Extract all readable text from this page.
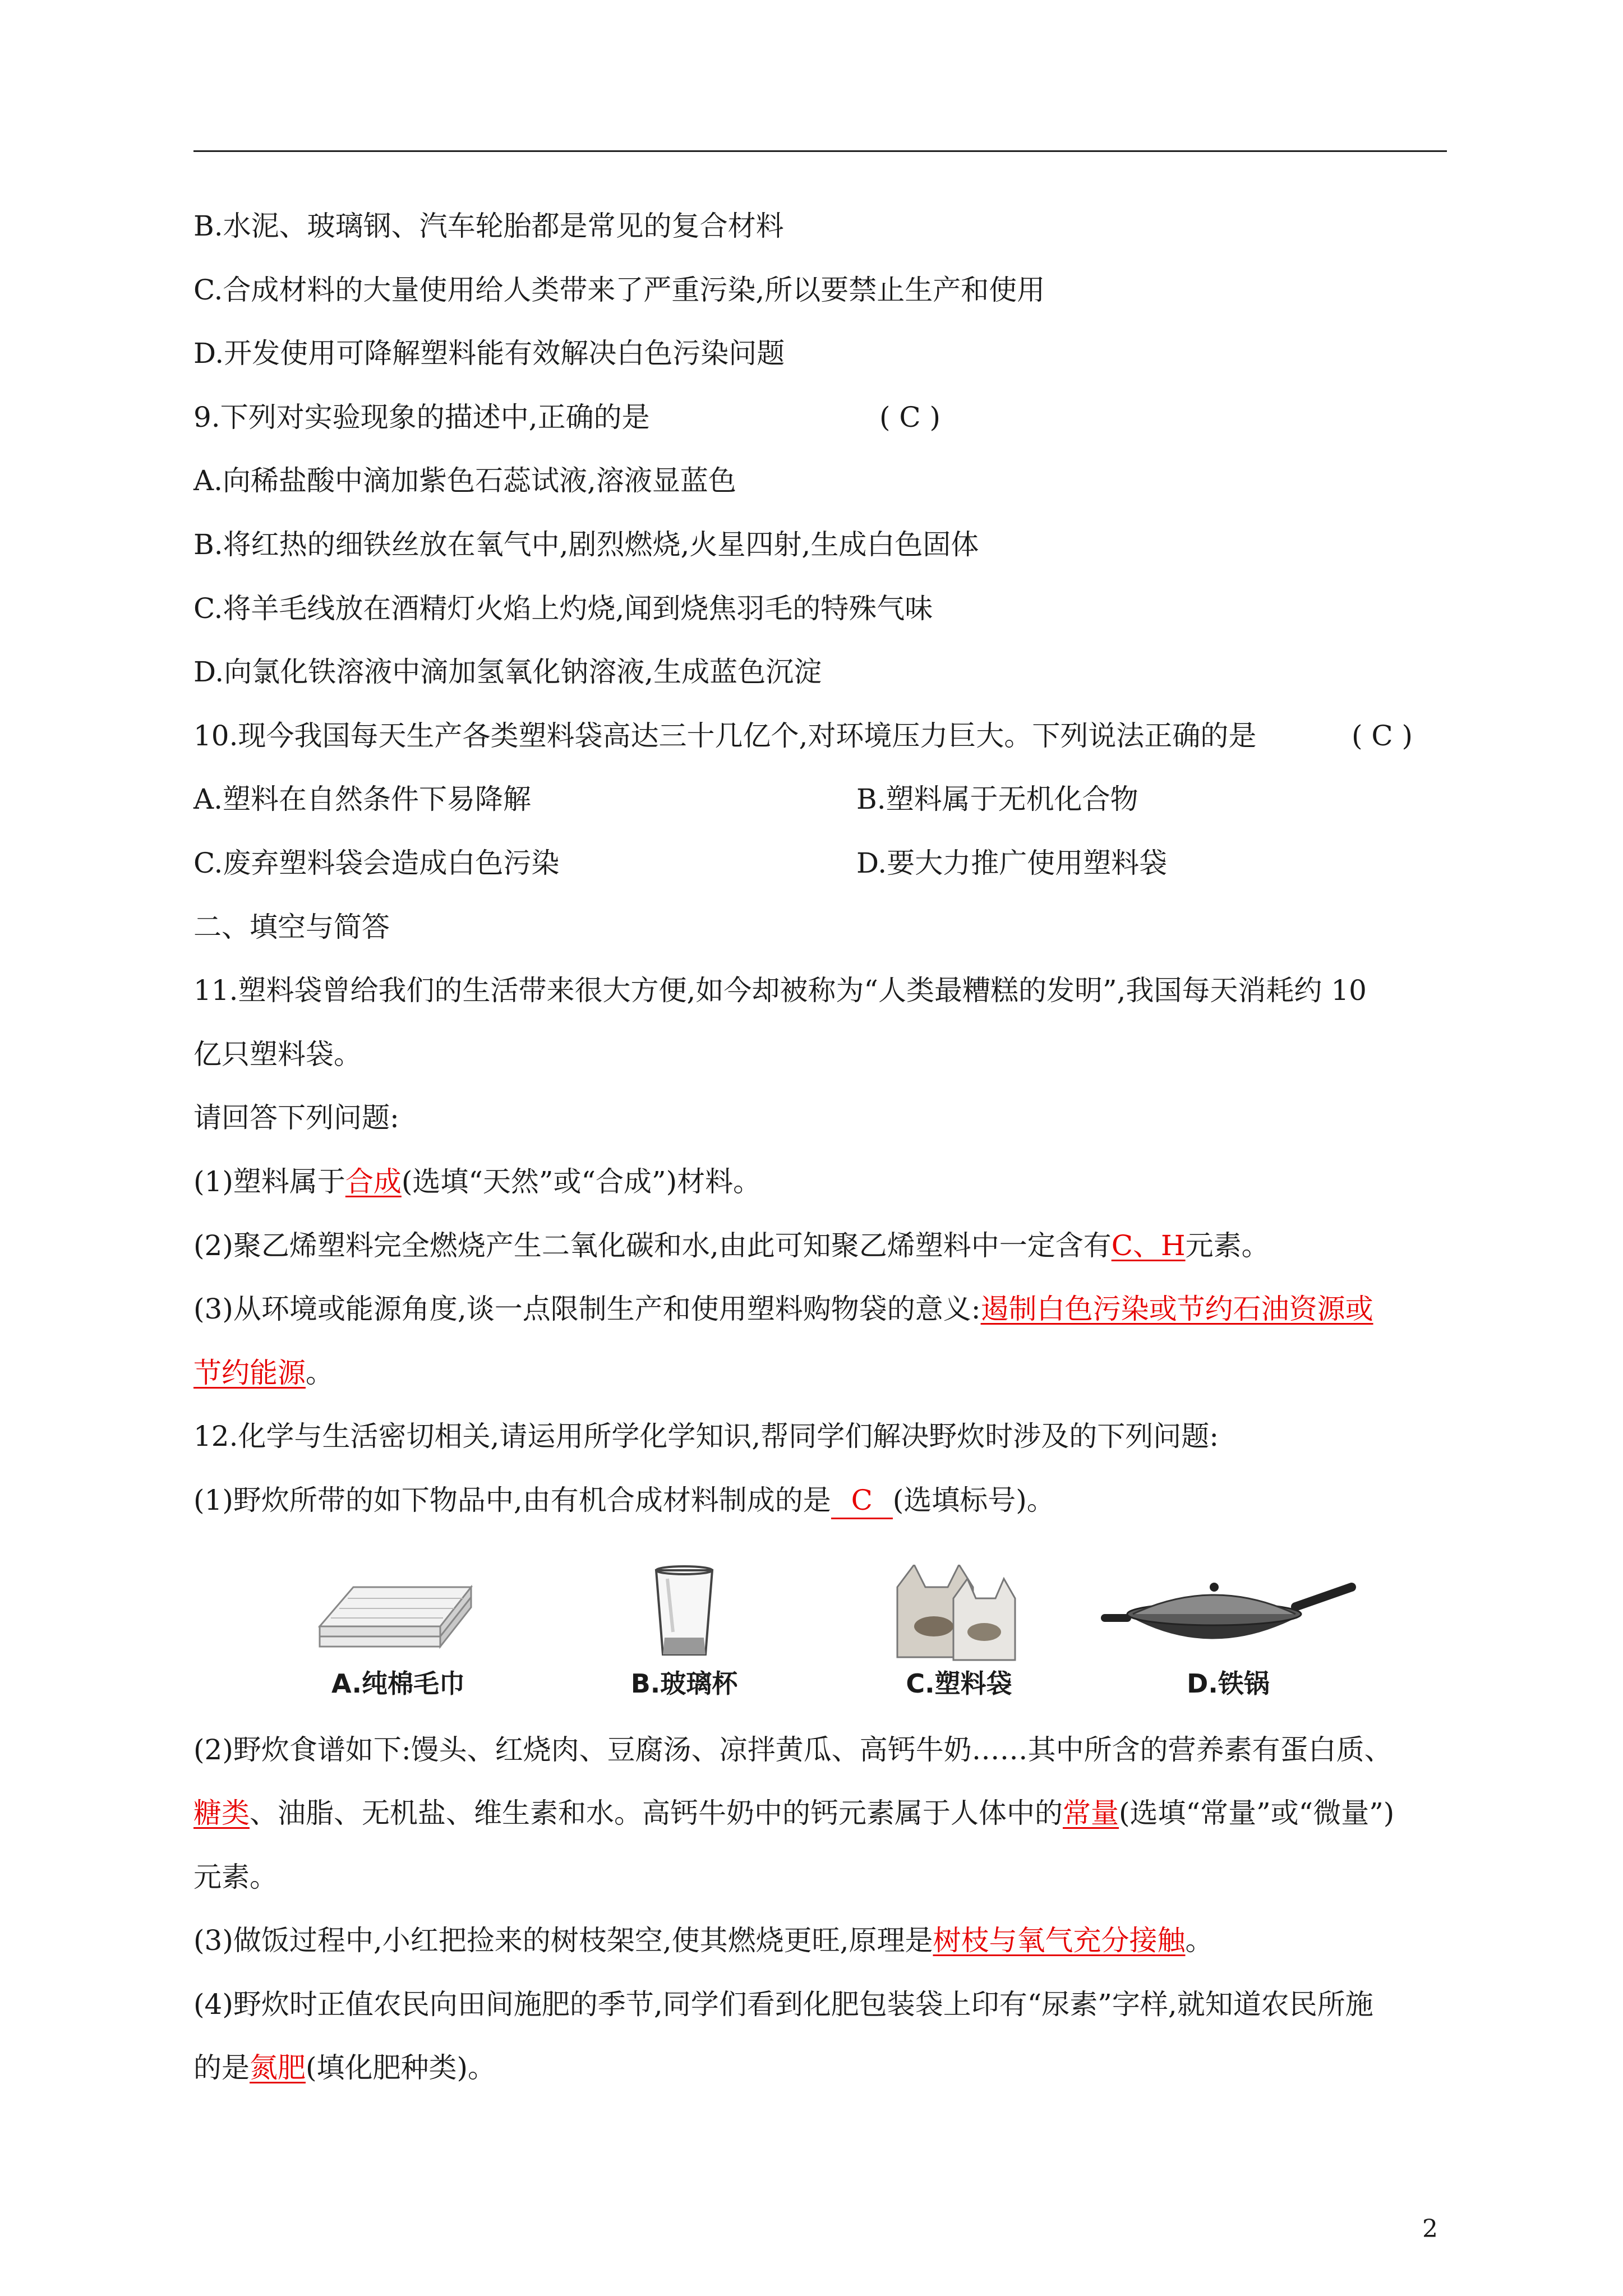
B.水泥、玻璃钢、汽车轮胎都是常见的复合材料
C.合成材料的大量使用给人类带来了严重污染,所以要禁止生产和使用
D.开发使用可降解塑料能有效解决白色污染问题
9.下列对实验现象的描述中,正确的是	( C )
A.向稀盐酸中滴加紫色石蕊试液,溶液显蓝色
B.将红热的细铁丝放在氧气中,剧烈燃烧,火星四射,生成白色固体
C.将羊毛线放在酒精灯火焰上灼烧,闻到烧焦羽毛的特殊气味
D.向氯化铁溶液中滴加氢氧化钠溶液,生成蓝色沉淀
10.现今我国每天生产各类塑料袋高达三十几亿个,对环境压力巨大。下列说法正确的是	( C )
A.塑料在自然条件下易降解	B.塑料属于无机化合物
C.废弃塑料袋会造成白色污染	D.要大力推广使用塑料袋
二、填空与简答
11.塑料袋曾给我们的生活带来很大方便,如今却被称为“人类最糟糕的发明”,我国每天消耗约 10
亿只塑料袋。
请回答下列问题:
(1)塑料属于合成(选填“天然”或“合成”)材料。
(2)聚乙烯塑料完全燃烧产生二氧化碳和水,由此可知聚乙烯塑料中一定含有C、H元素。
(3)从环境或能源角度,谈一点限制生产和使用塑料购物袋的意义:遏制白色污染或节约石油资源或
节约能源。
12.化学与生活密切相关,请运用所学化学知识,帮同学们解决野炊时涉及的下列问题:
(1)野炊所带的如下物品中,由有机合成材料制成的是 C (选填标号)。
A.纯棉毛巾	B.玻璃杯	C.塑料袋	D.铁锅
(2)野炊食谱如下:馒头、红烧肉、豆腐汤、凉拌黄瓜、高钙牛奶……其中所含的营养素有蛋白质、
糖类、油脂、无机盐、维生素和水。高钙牛奶中的钙元素属于人体中的常量(选填“常量”或“微量”)
元素。
(3)做饭过程中,小红把捡来的树枝架空,使其燃烧更旺,原理是树枝与氧气充分接触。
(4)野炊时正值农民向田间施肥的季节,同学们看到化肥包装袋上印有“尿素”字样,就知道农民所施
的是氮肥(填化肥种类)。
2
